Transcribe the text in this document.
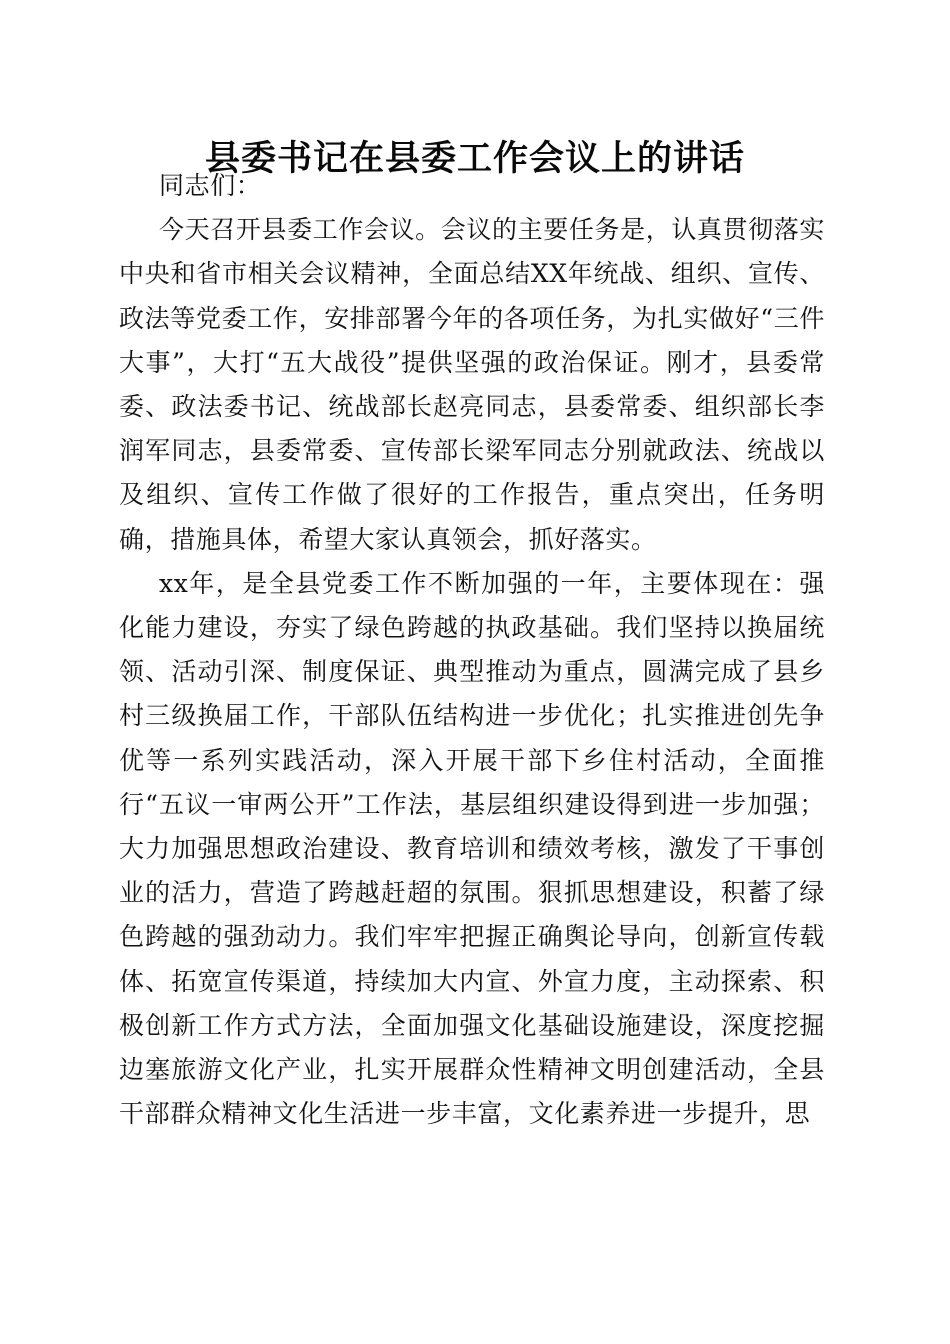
县委书记在县委工作会议上的讲话

同志们：

今天召开县委工作会议。会议的主要任务是，认真贯彻落实中央和省市相关会议精神，全面总结XX年统战、组织、宣传、政法等党委工作，安排部署今年的各项任务，为扎实做好“三件大事”，大打“五大战役”提供坚强的政治保证。刚才，县委常委、政法委书记、统战部长赵亮同志，县委常委、组织部长李润军同志，县委常委、宣传部长梁军同志分别就政法、统战以及组织、宣传工作做了很好的工作报告，重点突出，任务明确，措施具体，希望大家认真领会，抓好落实。

xx年，是全县党委工作不断加强的一年，主要体现在：强化能力建设，夯实了绿色跨越的执政基础。我们坚持以换届统领、活动引深、制度保证、典型推动为重点，圆满完成了县乡村三级换届工作，干部队伍结构进一步优化；扎实推进创先争优等一系列实践活动，深入开展干部下乡住村活动，全面推行“五议一审两公开”工作法，基层组织建设得到进一步加强；大力加强思想政治建设、教育培训和绩效考核，激发了干事创业的活力，营造了跨越赶超的氛围。狠抓思想建设，积蓄了绿色跨越的强劲动力。我们牢牢把握正确舆论导向，创新宣传载体、拓宽宣传渠道，持续加大内宣、外宣力度，主动探索、积极创新工作方式方法，全面加强文化基础设施建设，深度挖掘边塞旅游文化产业，扎实开展群众性精神文明创建活动，全县干部群众精神文化生活进一步丰富，文化素养进一步提升，思
